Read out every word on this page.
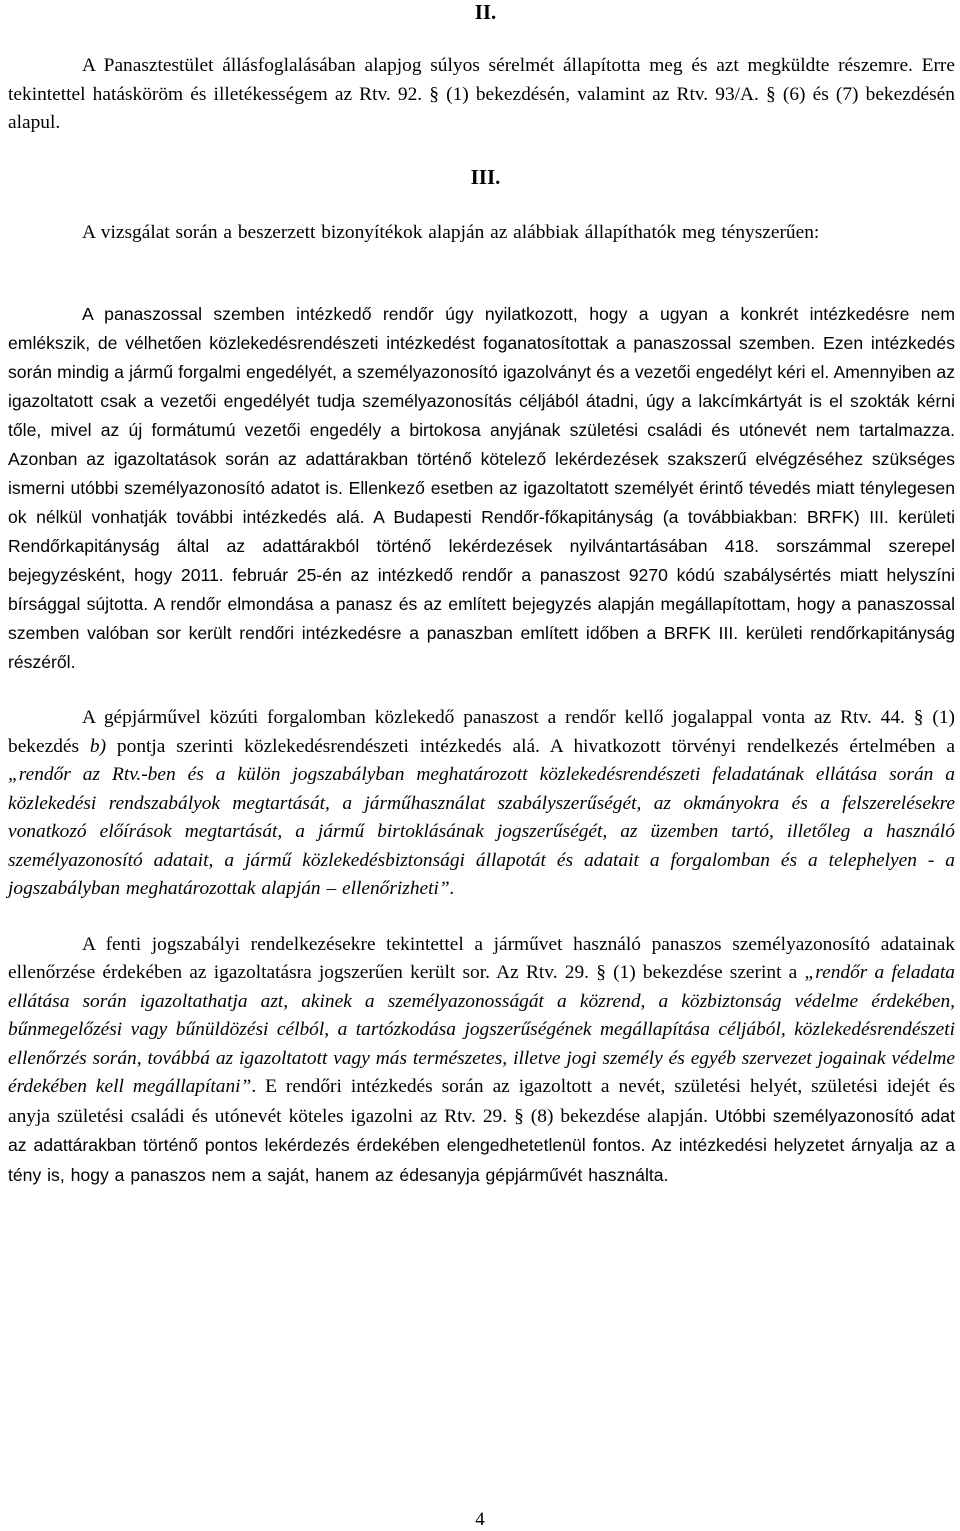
II.

A Panasztestület állásfoglalásában alapjog súlyos sérelmét állapította meg és azt megküldte részemre. Erre tekintettel hatásköröm és illetékességem az Rtv. 92. § (1) bekezdésén, valamint az Rtv. 93/A. § (6) és (7) bekezdésén alapul.

III.

A vizsgálat során a beszerzett bizonyítékok alapján az alábbiak állapíthatók meg tényszerűen:

A panaszossal szemben intézkedő rendőr úgy nyilatkozott, hogy a ugyan a konkrét intézkedésre nem emlékszik, de vélhetően közlekedésrendészeti intézkedést foganatosítottak a panaszossal szemben. Ezen intézkedés során mindig a jármű forgalmi engedélyét, a személyazonosító igazolványt és a vezetői engedélyt kéri el. Amennyiben az igazoltatott csak a vezetői engedélyét tudja személyazonosítás céljából átadni, úgy a lakcímkártyát is el szokták kérni tőle, mivel az új formátumú vezetői engedély a birtokosa anyjának születési családi és utónevét nem tartalmazza. Azonban az igazoltatások során az adattárakban történő kötelező lekérdezések szakszerű elvégzéséhez szükséges ismerni utóbbi személyazonosító adatot is. Ellenkező esetben az igazoltatott személyét érintő tévedés miatt ténylegesen ok nélkül vonhatják további intézkedés alá. A Budapesti Rendőr-főkapitányság (a továbbiakban: BRFK) III. kerületi Rendőrkapitányság által az adattárakból történő lekérdezések nyilvántartásában 418. sorszámmal szerepel bejegyzésként, hogy 2011. február 25-én az intézkedő rendőr a panaszost 9270 kódú szabálysértés miatt helyszíni bírsággal sújtotta. A rendőr elmondása a panasz és az említett bejegyzés alapján megállapítottam, hogy a panaszossal szemben valóban sor került rendőri intézkedésre a panaszban említett időben a BRFK III. kerületi rendőrkapitányság részéről.

A gépjárművel közúti forgalomban közlekedő panaszost a rendőr kellő jogalappal vonta az Rtv. 44. § (1) bekezdés b) pontja szerinti közlekedésrendészeti intézkedés alá. A hivatkozott törvényi rendelkezés értelmében a „rendőr az Rtv.-ben és a külön jogszabályban meghatározott közlekedésrendészeti feladatának ellátása során a közlekedési rendszabályok megtartását, a járműhasználat szabályszerűségét, az okmányokra és a felszerelésekre vonatkozó előírások megtartását, a jármű birtoklásának jogszerűségét, az üzemben tartó, illetőleg a használó személyazonosító adatait, a jármű közlekedésbiztonsági állapotát és adatait a forgalomban és a telephelyen - a jogszabályban meghatározottak alapján – ellenőrizheti”.

A fenti jogszabályi rendelkezésekre tekintettel a járművet használó panaszos személyazonosító adatainak ellenőrzése érdekében az igazoltatásra jogszerűen került sor. Az Rtv. 29. § (1) bekezdése szerint a „rendőr a feladata ellátása során igazoltathatja azt, akinek a személyazonosságát a közrend, a közbiztonság védelme érdekében, bűnmegelőzési vagy bűnüldözési célból, a tartózkodása jogszerűségének megállapítása céljából, közlekedésrendészeti ellenőrzés során, továbbá az igazoltatott vagy más természetes, illetve jogi személy és egyéb szervezet jogainak védelme érdekében kell megállapítani”. E rendőri intézkedés során az igazoltott a nevét, születési helyét, születési idejét és anyja születési családi és utónevét köteles igazolni az Rtv. 29. § (8) bekezdése alapján. Utóbbi személyazonosító adat az adattárakban történő pontos lekérdezés érdekében elengedhetetlenül fontos. Az intézkedési helyzetet árnyalja az a tény is, hogy a panaszos nem a saját, hanem az édesanyja gépjárművét használta.

4
